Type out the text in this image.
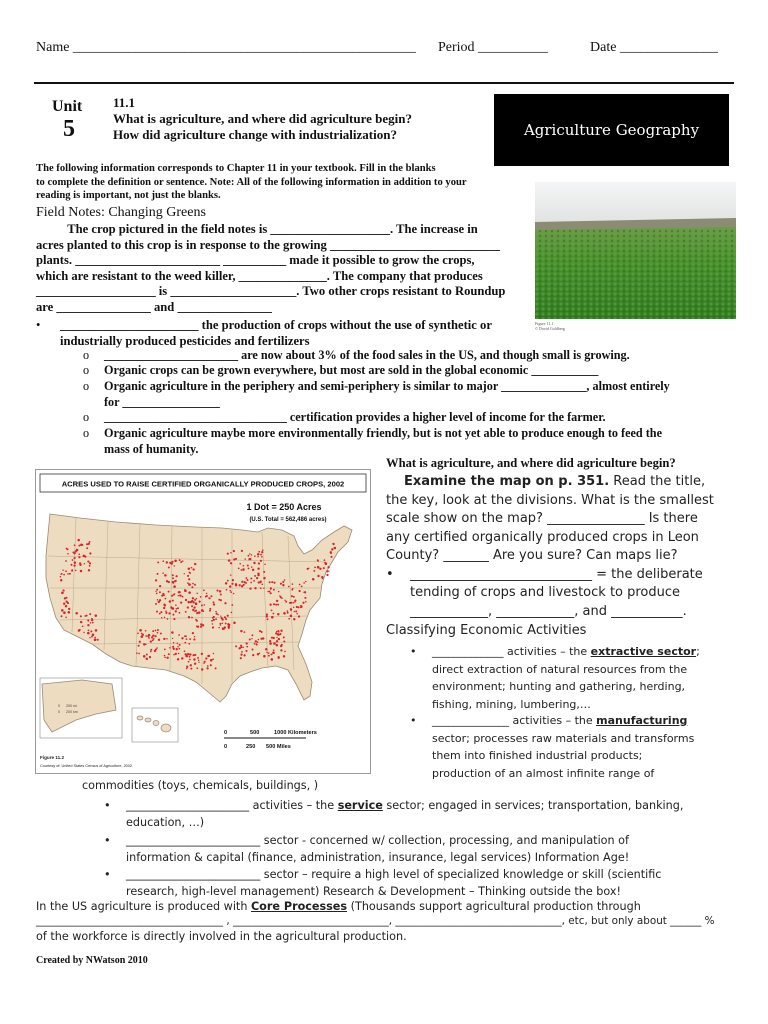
Name _________________________________________________ Period __________	Date ______________
Unit
5
11.1
What is agriculture, and where did agriculture begin?
How did agriculture change with industrialization?	Agriculture Geography
The following information corresponds to Chapter 11 in your textbook. Fill in the blanks
to complete the definition or sentence. Note: All of the following information in addition to your
reading is important, not just the blanks.
Field Notes: Changing Greens
The crop pictured in the field notes is ___________________. The increase in
acres planted to this crop is in response to the growing ___________________________
plants. _______________________ __________ made it possible to grow the crops,
which are resistant to the weed killer, ______________. The company that produces
___________________ is ____________________. Two other crops resistant to Roundup
are _______________ and _______________
Figure 11.1
© David Goldberg
• ______________________ the production of crops without the use of synthetic or
industrially produced pesticides and fertilizers
o ______________________ are now about 3% of the food sales in the US, and though small is growing.
o Organic crops can be grown everywhere, but most are sold in the global economic ___________
o Organic agriculture in the periphery and semi-periphery is similar to major ______________, almost entirely
for ________________
o ______________________________ certification provides a higher level of income for the farmer.
o Organic agriculture maybe more environmentally friendly, but is not yet able to produce enough to feed the
mass of humanity.
ACRES USED TO RAISE CERTIFIED ORGANICALLY PRODUCED CROPS, 2002
1 Dot = 250 Acres
(U.S. Total = 562,486 acres)
0	500	1000 Kilometers
0	250 500 Miles
0 200 mi
0 200 km
Figure 11.2
Courtesy of: United States Census of Agriculture, 2002
What is agriculture, and where did agriculture begin?
Examine the map on p. 351. Read the title,
the key, look at the divisions. What is the smallest
scale show on the map? _______________ Is there
any certified organically produced crops in Leon
County? _______ Are you sure? Can maps lie?
• ____________________________ = the deliberate
tending of crops and livestock to produce
____________, ____________, and ___________.
Classifying Economic Activities
• _____________ activities – the extractive sector;
direct extraction of natural resources from the
environment; hunting and gathering, herding,
fishing, mining, lumbering,…
• ______________ activities – the manufacturing
sector; processes raw materials and transforms
them into finished industrial products;
production of an almost infinite range of
commodities (toys, chemicals, buildings, )
• ______________________ activities – the service sector; engaged in services; transportation, banking,
education, …)
• ________________________ sector - concerned w/ collection, processing, and manipulation of
information & capital (finance, administration, insurance, legal services) Information Age!
• ________________________ sector – require a high level of specialized knowledge or skill (scientific
research, high-level management) Research & Development – Thinking outside the box!
In the US agriculture is produced with Core Processes (Thousands support agricultural production through
____________________________________ , ______________________________, ________________________________, etc, but only about ______ %
of the workforce is directly involved in the agricultural production.
Created by NWatson 2010
